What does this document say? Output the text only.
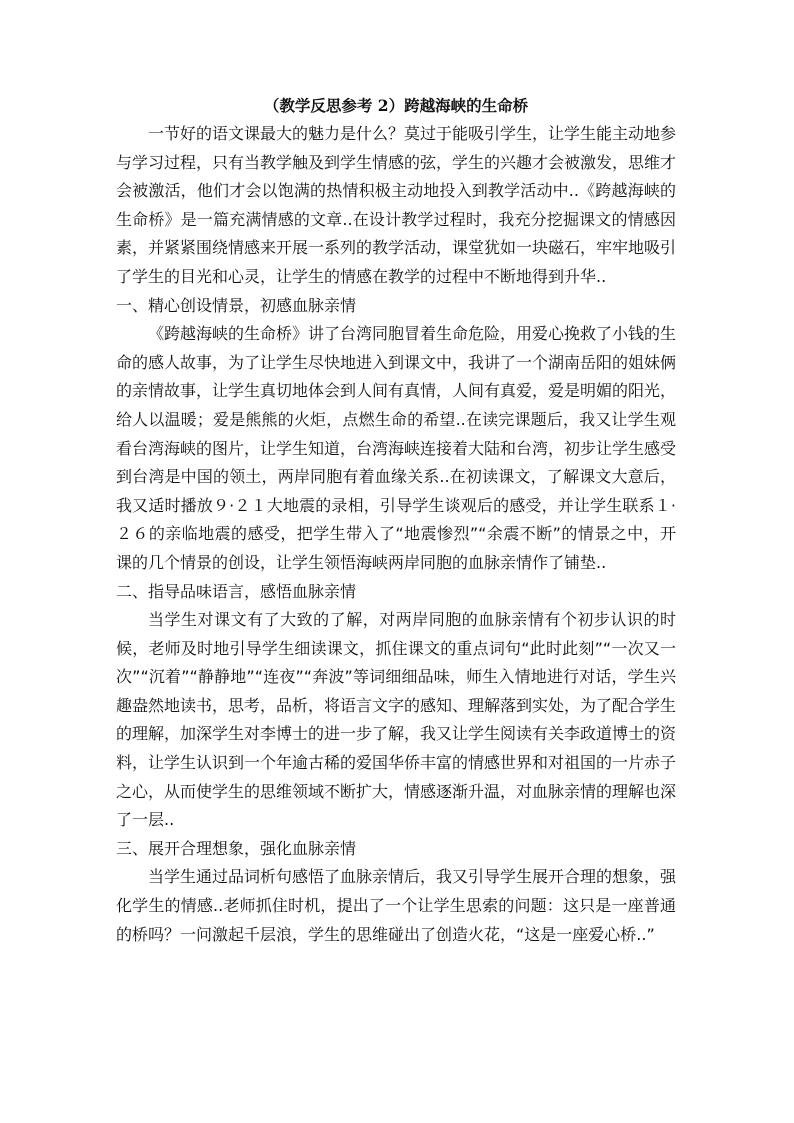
（教学反思参考 2）跨越海峡的生命桥

一节好的语文课最大的魅力是什么？莫过于能吸引学生，让学生能主动地参与学习过程，只有当教学触及到学生情感的弦，学生的兴趣才会被激发，思维才会被激活，他们才会以饱满的热情积极主动地投入到教学活动中..《跨越海峡的生命桥》是一篇充满情感的文章..在设计教学过程时，我充分挖掘课文的情感因素，并紧紧围绕情感来开展一系列的教学活动，课堂犹如一块磁石，牢牢地吸引了学生的目光和心灵，让学生的情感在教学的过程中不断地得到升华..

一、精心创设情景，初感血脉亲情

《跨越海峡的生命桥》讲了台湾同胞冒着生命危险，用爱心挽救了小钱的生命的感人故事，为了让学生尽快地进入到课文中，我讲了一个湖南岳阳的姐妹俩的亲情故事，让学生真切地体会到人间有真情，人间有真爱，爱是明媚的阳光，给人以温暖；爱是熊熊的火炬，点燃生命的希望..在读完课题后，我又让学生观看台湾海峡的图片，让学生知道，台湾海峡连接着大陆和台湾，初步让学生感受到台湾是中国的领土，两岸同胞有着血缘关系..在初读课文，了解课文大意后，我又适时播放９·２１大地震的录相，引导学生谈观后的感受，并让学生联系１·２６的亲临地震的感受，把学生带入了“地震惨烈”“余震不断”的情景之中，开课的几个情景的创设，让学生领悟海峡两岸同胞的血脉亲情作了铺垫..

二、指导品味语言，感悟血脉亲情

当学生对课文有了大致的了解，对两岸同胞的血脉亲情有个初步认识的时候，老师及时地引导学生细读课文，抓住课文的重点词句“此时此刻”“一次又一次”“沉着”“静静地”“连夜”“奔波”等词细细品味，师生入情地进行对话，学生兴趣盎然地读书，思考，品析，将语言文字的感知、理解落到实处，为了配合学生的理解，加深学生对李博士的进一步了解，我又让学生阅读有关李政道博士的资料，让学生认识到一个年逾古稀的爱国华侨丰富的情感世界和对祖国的一片赤子之心，从而使学生的思维领域不断扩大，情感逐渐升温，对血脉亲情的理解也深了一层..

三、展开合理想象，强化血脉亲情

当学生通过品词析句感悟了血脉亲情后，我又引导学生展开合理的想象，强化学生的情感..老师抓住时机，提出了一个让学生思索的问题：这只是一座普通的桥吗？一问激起千层浪，学生的思维碰出了创造火花，“这是一座爱心桥..”
